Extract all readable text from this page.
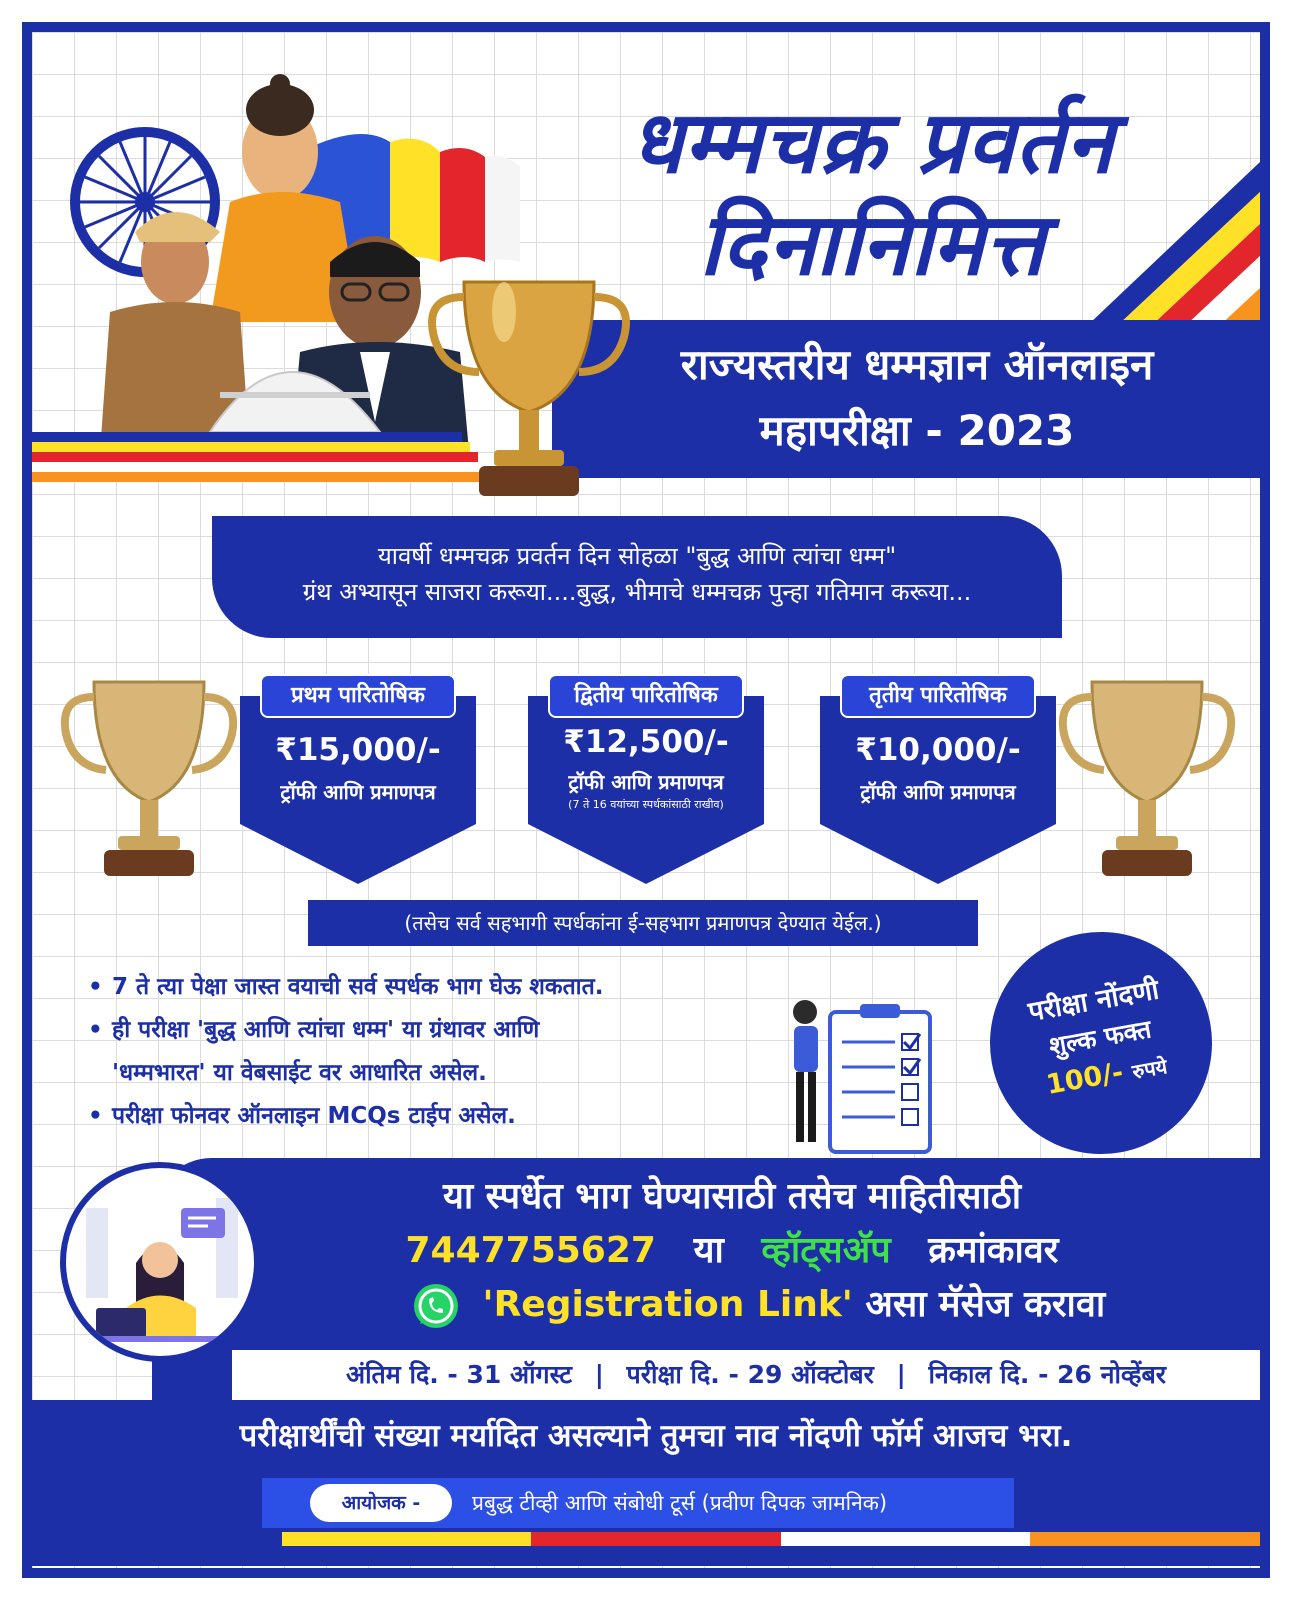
धम्मचक्र प्रवर्तन
दिनानिमित्त
राज्यस्तरीय धम्मज्ञान ऑनलाइन
महापरीक्षा - 2023
यावर्षी धम्मचक्र प्रवर्तन दिन सोहळा "बुद्ध आणि त्यांचा धम्म"
ग्रंथ अभ्यासून साजरा करूया....बुद्ध, भीमाचे धम्मचक्र पुन्हा गतिमान करूया...
प्रथम पारितोषिक
₹15,000/-
ट्रॉफी आणि प्रमाणपत्र
द्वितीय पारितोषिक
₹12,500/-
ट्रॉफी आणि प्रमाणपत्र
(7 ते 16 वयांच्या स्पर्धकांसाठी राखीव)
तृतीय पारितोषिक
₹10,000/-
ट्रॉफी आणि प्रमाणपत्र
(तसेच सर्व सहभागी स्पर्धकांना ई-सहभाग प्रमाणपत्र देण्यात येईल.)
• 7 ते त्या पेक्षा जास्त वयाची सर्व स्पर्धक भाग घेऊ शकतात.
• ही परीक्षा 'बुद्ध आणि त्यांचा धम्म' या ग्रंथावर आणि
'धम्मभारत' या वेबसाईट वर आधारित असेल.
• परीक्षा फोनवर ऑनलाइन MCQs टाईप असेल.
परीक्षा नोंदणी
शुल्क फक्त
100/- रुपये
या स्पर्धेत भाग घेण्यासाठी तसेच माहितीसाठी
7447755627 या व्हॉट्सअ‍ॅप क्रमांकावर
'Registration Link' असा मॅसेज करावा
अंतिम दि. - 31 ऑगस्ट | परीक्षा दि. - 29 ऑक्टोबर | निकाल दि. - 26 नोव्हेंबर
परीक्षार्थींची संख्या मर्यादित असल्याने तुमचा नाव नोंदणी फॉर्म आजच भरा.
आयोजक -	प्रबुद्ध टीव्ही आणि संबोधी टूर्स (प्रवीण दिपक जामनिक)
